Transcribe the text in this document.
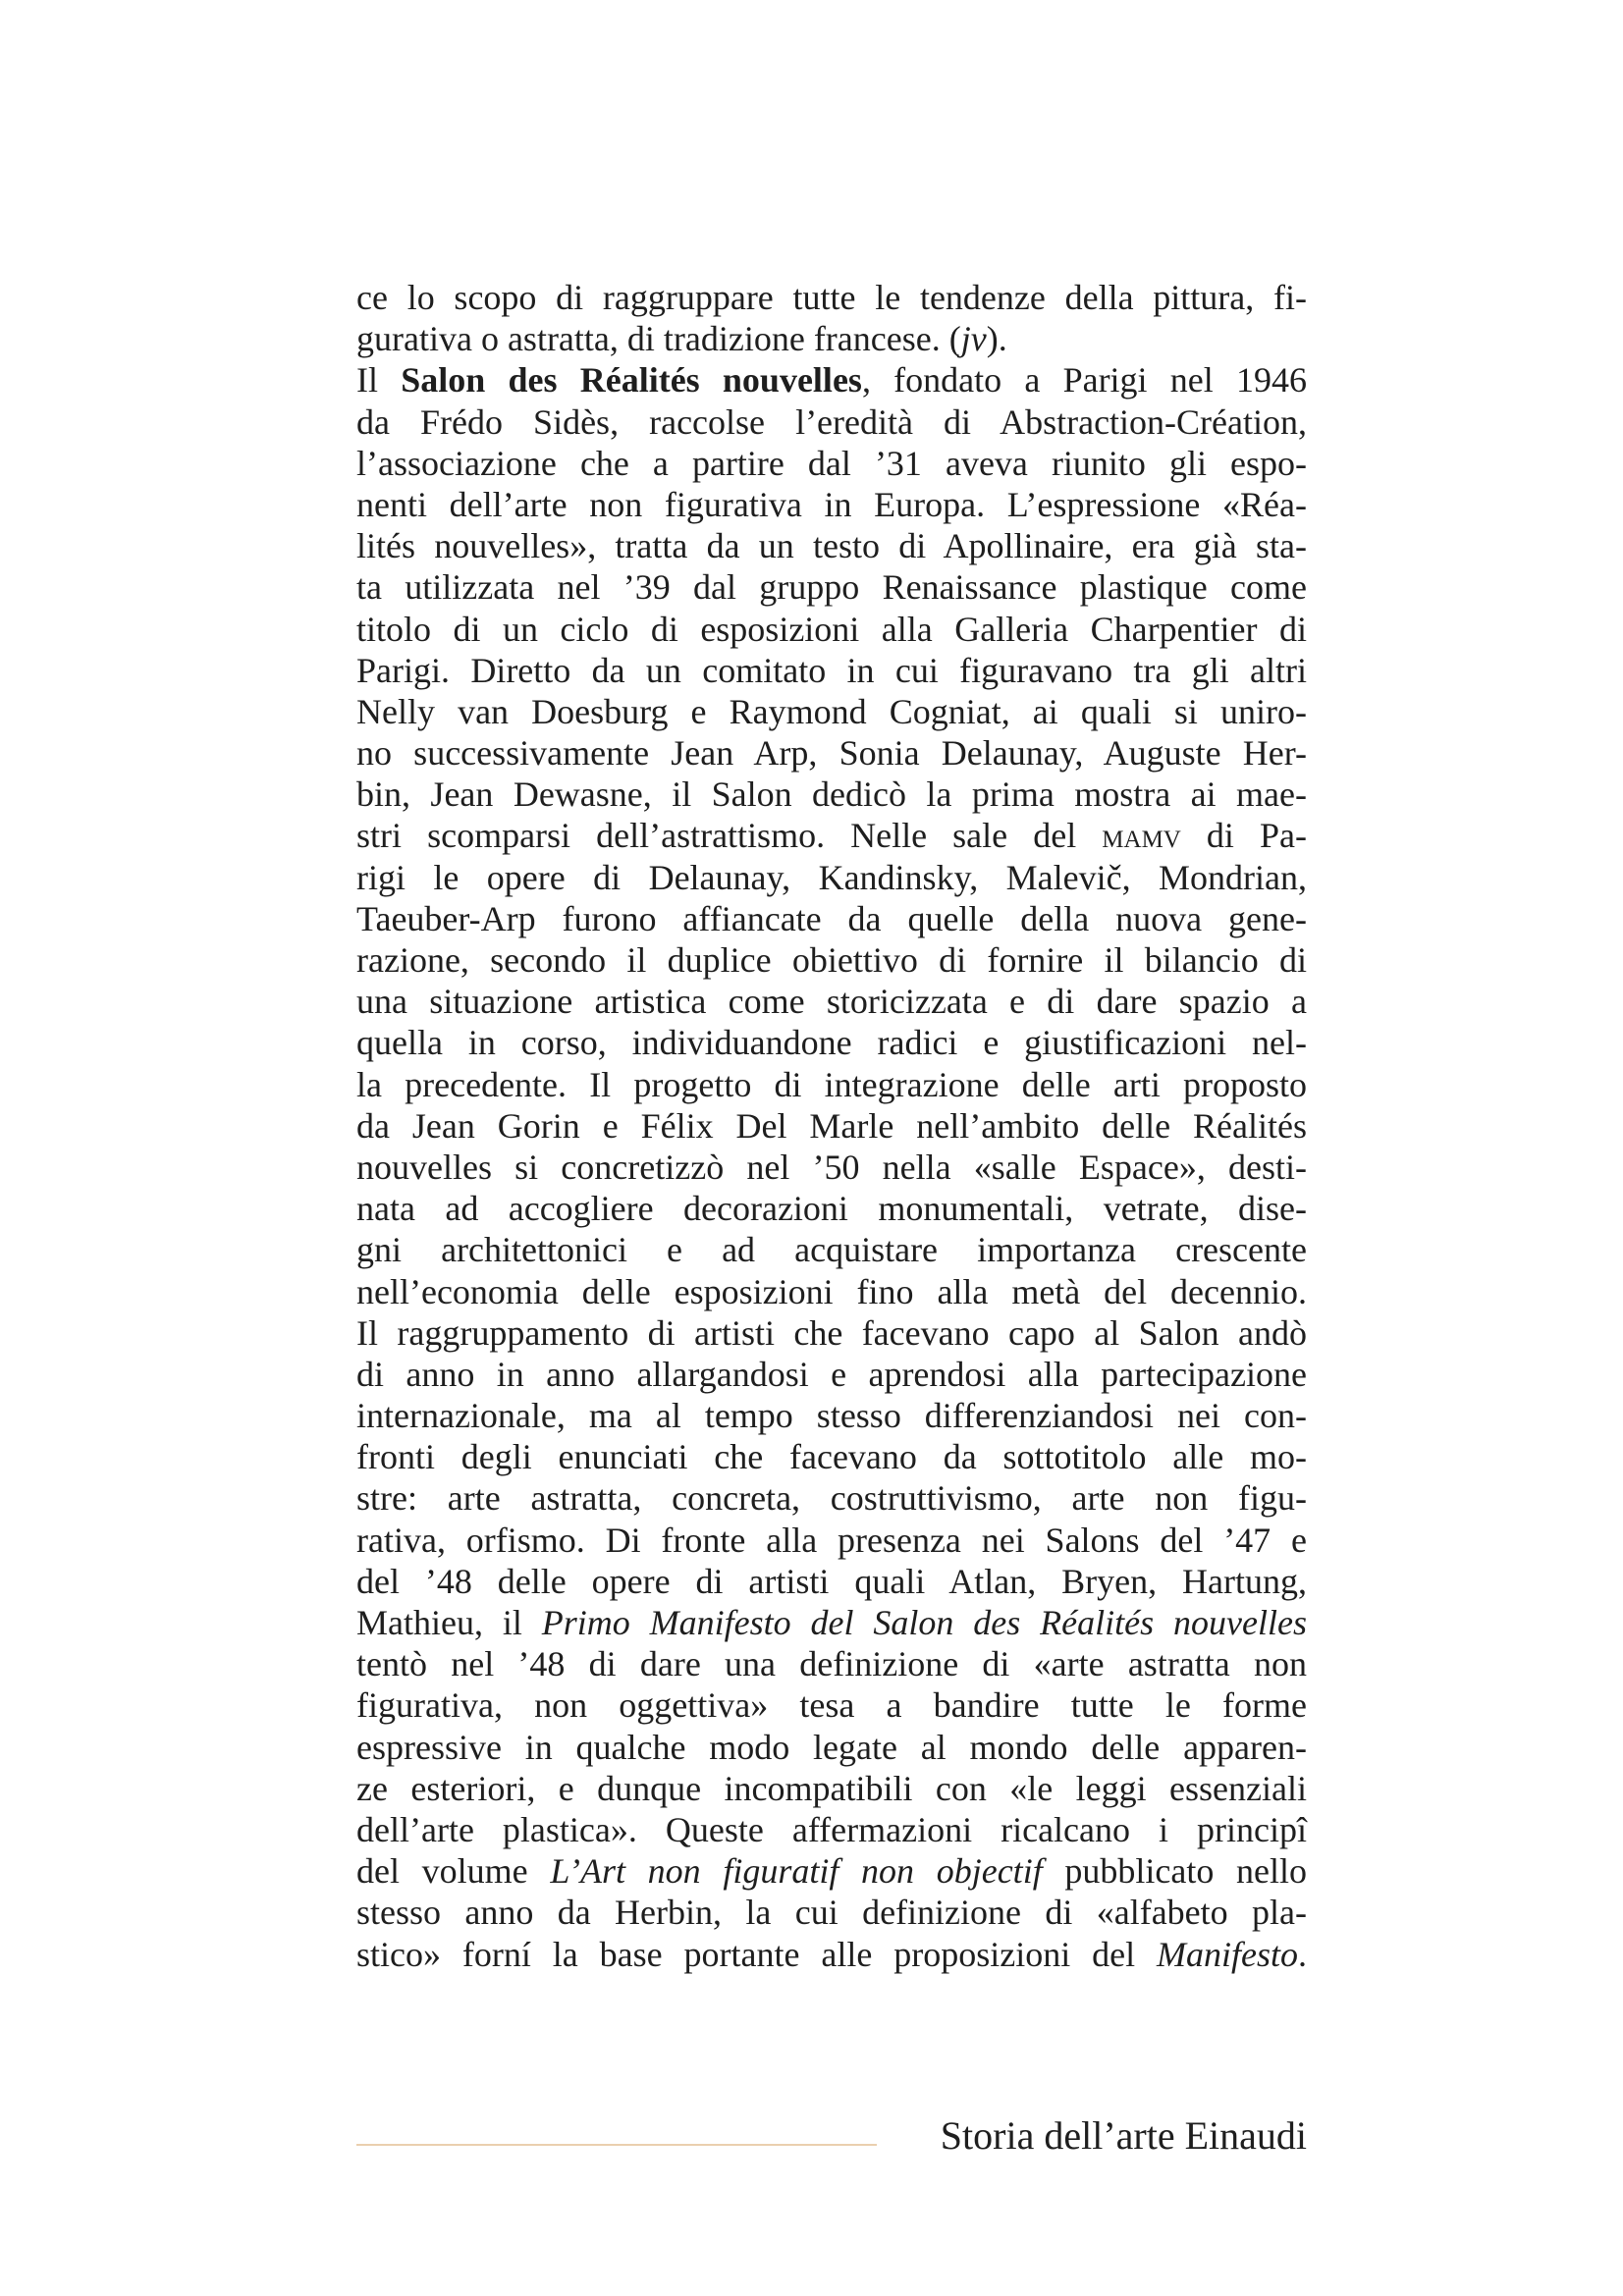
ce lo scopo di raggruppare tutte le tendenze della pittura, fi-
gurativa o astratta, di tradizione francese. (jv).
Il Salon des Réalités nouvelles, fondato a Parigi nel 1946
da Frédo Sidès, raccolse l’eredità di Abstraction-Création,
l’associazione che a partire dal ’31 aveva riunito gli espo-
nenti dell’arte non figurativa in Europa. L’espressione «Réa-
lités nouvelles», tratta da un testo di Apollinaire, era già sta-
ta utilizzata nel ’39 dal gruppo Renaissance plastique come
titolo di un ciclo di esposizioni alla Galleria Charpentier di
Parigi. Diretto da un comitato in cui figuravano tra gli altri
Nelly van Doesburg e Raymond Cogniat, ai quali si uniro-
no successivamente Jean Arp, Sonia Delaunay, Auguste Her-
bin, Jean Dewasne, il Salon dedicò la prima mostra ai mae-
stri scomparsi dell’astrattismo. Nelle sale del mamv di Pa-
rigi le opere di Delaunay, Kandinsky, Malevič, Mondrian,
Taeuber-Arp furono affiancate da quelle della nuova gene-
razione, secondo il duplice obiettivo di fornire il bilancio di
una situazione artistica come storicizzata e di dare spazio a
quella in corso, individuandone radici e giustificazioni nel-
la precedente. Il progetto di integrazione delle arti proposto
da Jean Gorin e Félix Del Marle nell’ambito delle Réalités
nouvelles si concretizzò nel ’50 nella «salle Espace», desti-
nata ad accogliere decorazioni monumentali, vetrate, dise-
gni architettonici e ad acquistare importanza crescente
nell’economia delle esposizioni fino alla metà del decennio.
Il raggruppamento di artisti che facevano capo al Salon andò
di anno in anno allargandosi e aprendosi alla partecipazione
internazionale, ma al tempo stesso differenziandosi nei con-
fronti degli enunciati che facevano da sottotitolo alle mo-
stre: arte astratta, concreta, costruttivismo, arte non figu-
rativa, orfismo. Di fronte alla presenza nei Salons del ’47 e
del ’48 delle opere di artisti quali Atlan, Bryen, Hartung,
Mathieu, il Primo Manifesto del Salon des Réalités nouvelles
tentò nel ’48 di dare una definizione di «arte astratta non
figurativa, non oggettiva» tesa a bandire tutte le forme
espressive in qualche modo legate al mondo delle apparen-
ze esteriori, e dunque incompatibili con «le leggi essenziali
dell’arte plastica». Queste affermazioni ricalcano i principî
del volume L’Art non figuratif non objectif pubblicato nello
stesso anno da Herbin, la cui definizione di «alfabeto pla-
stico» forní la base portante alle proposizioni del Manifesto.
Storia dell’arte Einaudi
